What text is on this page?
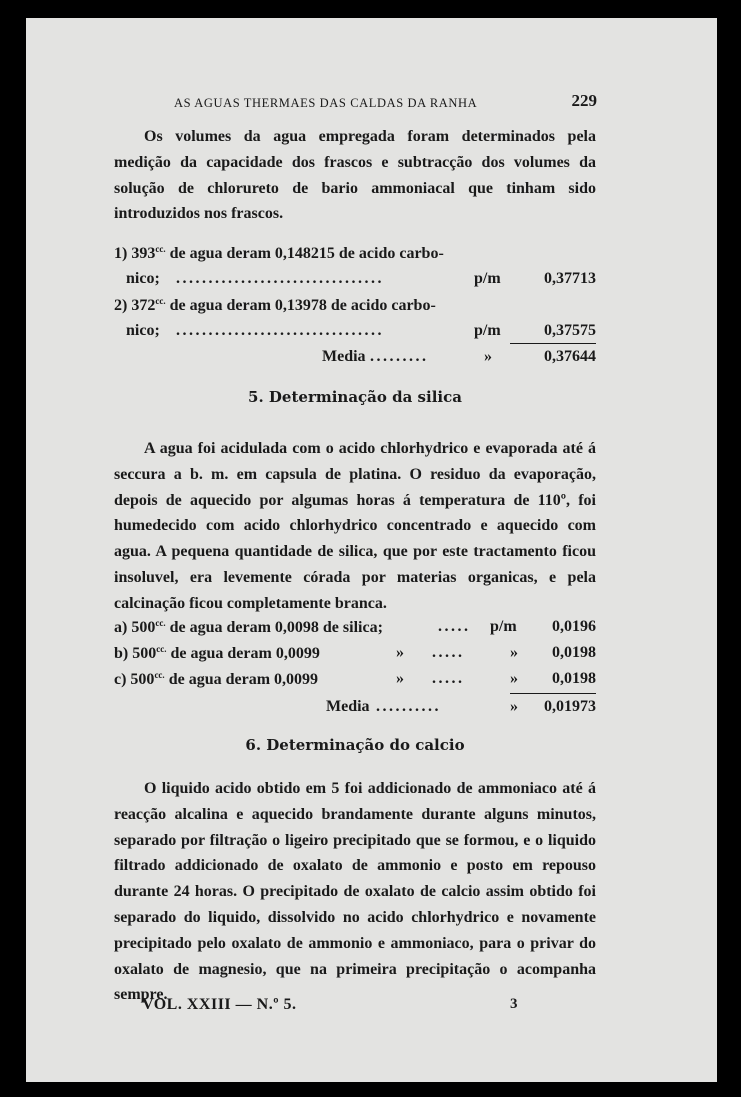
AS AGUAS THERMAES DAS CALDAS DA RANHA	229
Os volumes da agua empregada foram determinados pela medição da capacidade dos frascos e subtracção dos volumes da solução de chlorureto de bario ammoniacal que tinham sido introduzidos nos frascos.
1) $393^{cc.}$ de agua deram 0,148215 de acido carbo-
nico; ................................	p/m	0,37713
2) $372^{cc.}$ de agua deram 0,13978 de acido carbo-
nico; ................................	p/m	0,37575
Media .........	»	0,37644
5. Determinação da silica
A agua foi acidulada com o acido chlorhydrico e evaporada até á seccura a b. m. em capsula de platina. O residuo da evaporação, depois de aquecido por algumas horas á temperatura de 110º, foi humedecido com acido chlorhydrico concentrado e aquecido com agua. A pequena quantidade de silica, que por este tractamento ficou insoluvel, era levemente córada por materias organicas, e pela calcinação ficou completamente branca.
a) $500^{cc.}$ de agua deram 0,0098 de silica;	..... p/m 0,0196
b) $500^{cc.}$ de agua deram 0,0099	» .....	» 0,0198
c) $500^{cc.}$ de agua deram 0,0099	» .....	» 0,0198
Media ..........	» 0,01973
6. Determinação do calcio
O liquido acido obtido em 5 foi addicionado de ammoniaco até á reacção alcalina e aquecido brandamente durante alguns minutos, separado por filtração o ligeiro precipitado que se formou, e o liquido filtrado addicionado de oxalato de ammonio e posto em repouso durante 24 horas. O precipitado de oxalato de calcio assim obtido foi separado do liquido, dissolvido no acido chlorhydrico e novamente precipitado pelo oxalato de ammonio e ammoniaco, para o privar do oxalato de magnesio, que na primeira precipitação o acompanha sempre.
VOL. XXIII — N.º 5.	3
